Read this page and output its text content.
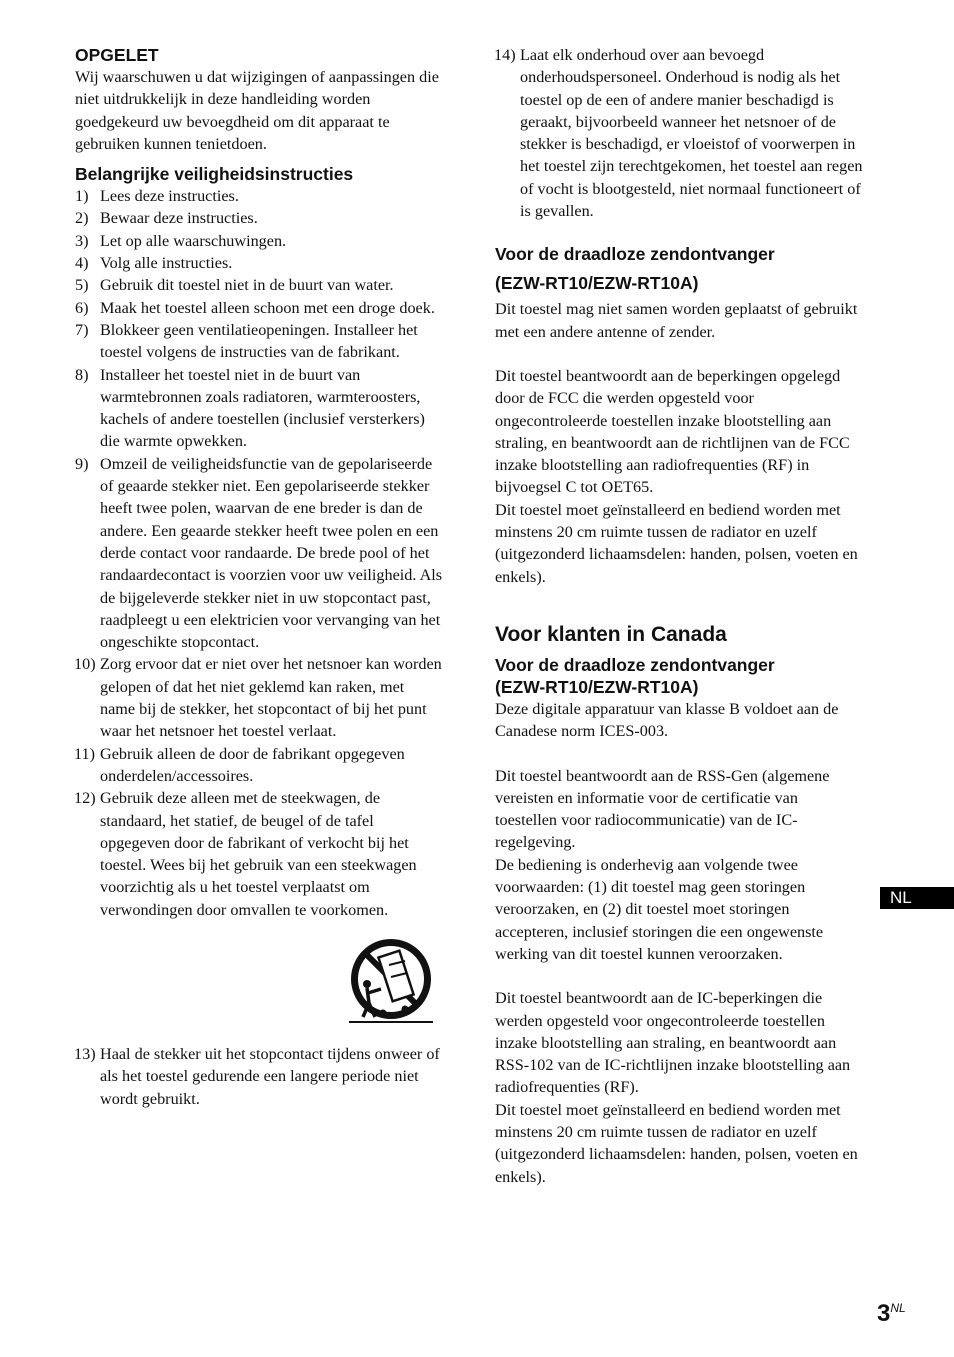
OPGELET

Wij waarschuwen u dat wijzigingen of aanpassingen die niet uitdrukkelijk in deze handleiding worden goedgekeurd uw bevoegdheid om dit apparaat te gebruiken kunnen tenietdoen.

Belangrijke veiligheidsinstructies
1) Lees deze instructies.
2) Bewaar deze instructies.
3) Let op alle waarschuwingen.
4) Volg alle instructies.
5) Gebruik dit toestel niet in de buurt van water.
6) Maak het toestel alleen schoon met een droge doek.
7) Blokkeer geen ventilatieopeningen. Installeer het toestel volgens de instructies van de fabrikant.
8) Installeer het toestel niet in de buurt van warmtebronnen zoals radiatoren, warmteroosters, kachels of andere toestellen (inclusief versterkers) die warmte opwekken.
9) Omzeil de veiligheidsfunctie van de gepolariseerde of geaarde stekker niet. Een gepolariseerde stekker heeft twee polen, waarvan de ene breder is dan de andere. Een geaarde stekker heeft twee polen en een derde contact voor randaarde. De brede pool of het randaardecontact is voorzien voor uw veiligheid. Als de bijgeleverde stekker niet in uw stopcontact past, raadpleegt u een elektricien voor vervanging van het ongeschikte stopcontact.
10) Zorg ervoor dat er niet over het netsnoer kan worden gelopen of dat het niet geklemd kan raken, met name bij de stekker, het stopcontact of bij het punt waar het netsnoer het toestel verlaat.
11) Gebruik alleen de door de fabrikant opgegeven onderdelen/accessoires.
12) Gebruik deze alleen met de steekwagen, de standaard, het statief, de beugel of de tafel opgegeven door de fabrikant of verkocht bij het toestel. Wees bij het gebruik van een steekwagen voorzichtig als u het toestel verplaatst om verwondingen door omvallen te voorkomen.
13) Haal de stekker uit het stopcontact tijdens onweer of als het toestel gedurende een langere periode niet wordt gebruikt.
14) Laat elk onderhoud over aan bevoegd onderhoudspersoneel. Onderhoud is nodig als het toestel op de een of andere manier beschadigd is geraakt, bijvoorbeeld wanneer het netsnoer of de stekker is beschadigd, er vloeistof of voorwerpen in het toestel zijn terechtgekomen, het toestel aan regen of vocht is blootgesteld, niet normaal functioneert of is gevallen.
Voor de draadloze zendontvanger
(EZW-RT10/EZW-RT10A)

Dit toestel mag niet samen worden geplaatst of gebruikt met een andere antenne of zender.

Dit toestel beantwoordt aan de beperkingen opgelegd door de FCC die werden opgesteld voor ongecontroleerde toestellen inzake blootstelling aan straling, en beantwoordt aan de richtlijnen van de FCC inzake blootstelling aan radiofrequenties (RF) in bijvoegsel C tot OET65.

Dit toestel moet geïnstalleerd en bediend worden met minstens 20 cm ruimte tussen de radiator en uzelf (uitgezonderd lichaamsdelen: handen, polsen, voeten en enkels).

Voor klanten in Canada
Voor de draadloze zendontvanger
(EZW-RT10/EZW-RT10A)

Deze digitale apparatuur van klasse B voldoet aan de Canadese norm ICES-003.

Dit toestel beantwoordt aan de RSS-Gen (algemene vereisten en informatie voor de certificatie van toestellen voor radiocommunicatie) van de IC-regelgeving.

De bediening is onderhevig aan volgende twee voorwaarden: (1) dit toestel mag geen storingen veroorzaken, en (2) dit toestel moet storingen accepteren, inclusief storingen die een ongewenste werking van dit toestel kunnen veroorzaken.

Dit toestel beantwoordt aan de IC-beperkingen die werden opgesteld voor ongecontroleerde toestellen inzake blootstelling aan straling, en beantwoordt aan RSS-102 van de IC-richtlijnen inzake blootstelling aan radiofrequenties (RF).

Dit toestel moet geïnstalleerd en bediend worden met minstens 20 cm ruimte tussen de radiator en uzelf (uitgezonderd lichaamsdelen: handen, polsen, voeten en enkels).

NL
$3^{NL}$
